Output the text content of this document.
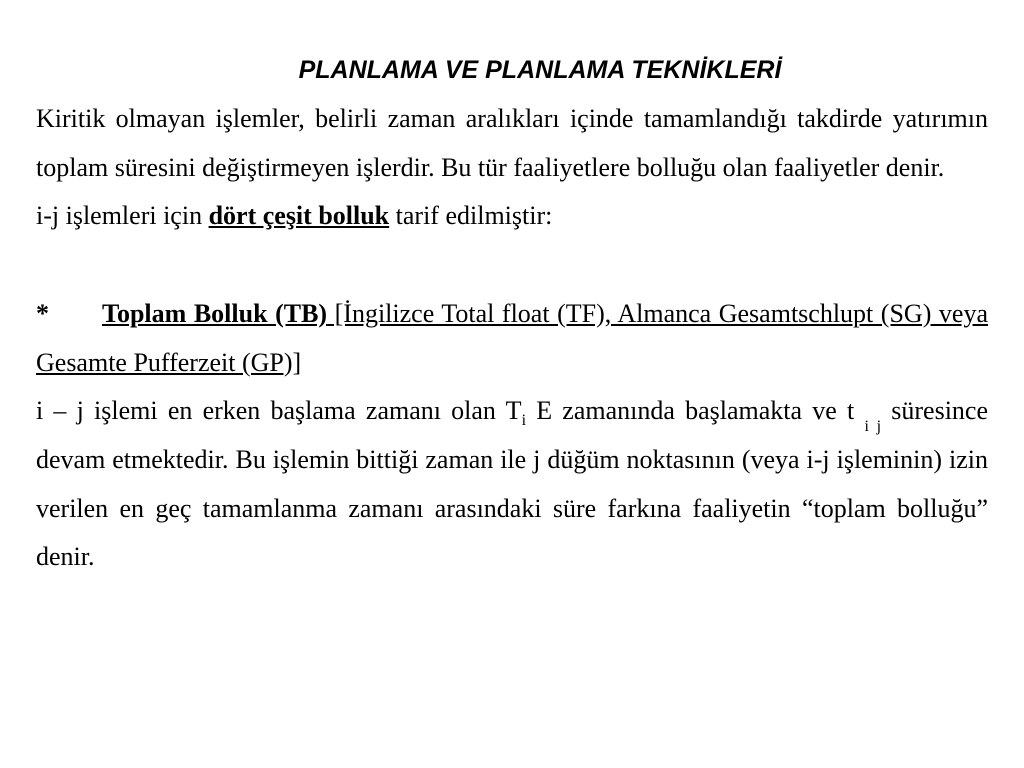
PLANLAMA VE PLANLAMA TEKNİKLERİ

Kiritik olmayan işlemler, belirli zaman aralıkları içinde tamamlandığı takdirde yatırımın toplam süresini değiştirmeyen işlerdir. Bu tür faaliyetlere bolluğu olan faaliyetler denir.

i-j işlemleri için dört çeşit bolluk tarif edilmiştir:

* Toplam Bolluk (TB) [İngilizce Total float (TF), Almanca Gesamtschlupt (SG) veya Gesamte Pufferzeit (GP)]

i – j işlemi en erken başlama zamanı olan $T_i$ E zamanında başlamakta ve t $_{i j}$ süresince devam etmektedir. Bu işlemin bittiği zaman ile j düğüm noktasının (veya i-j işleminin) izin verilen en geç tamamlanma zamanı arasındaki süre farkına faaliyetin “toplam bolluğu” denir.
